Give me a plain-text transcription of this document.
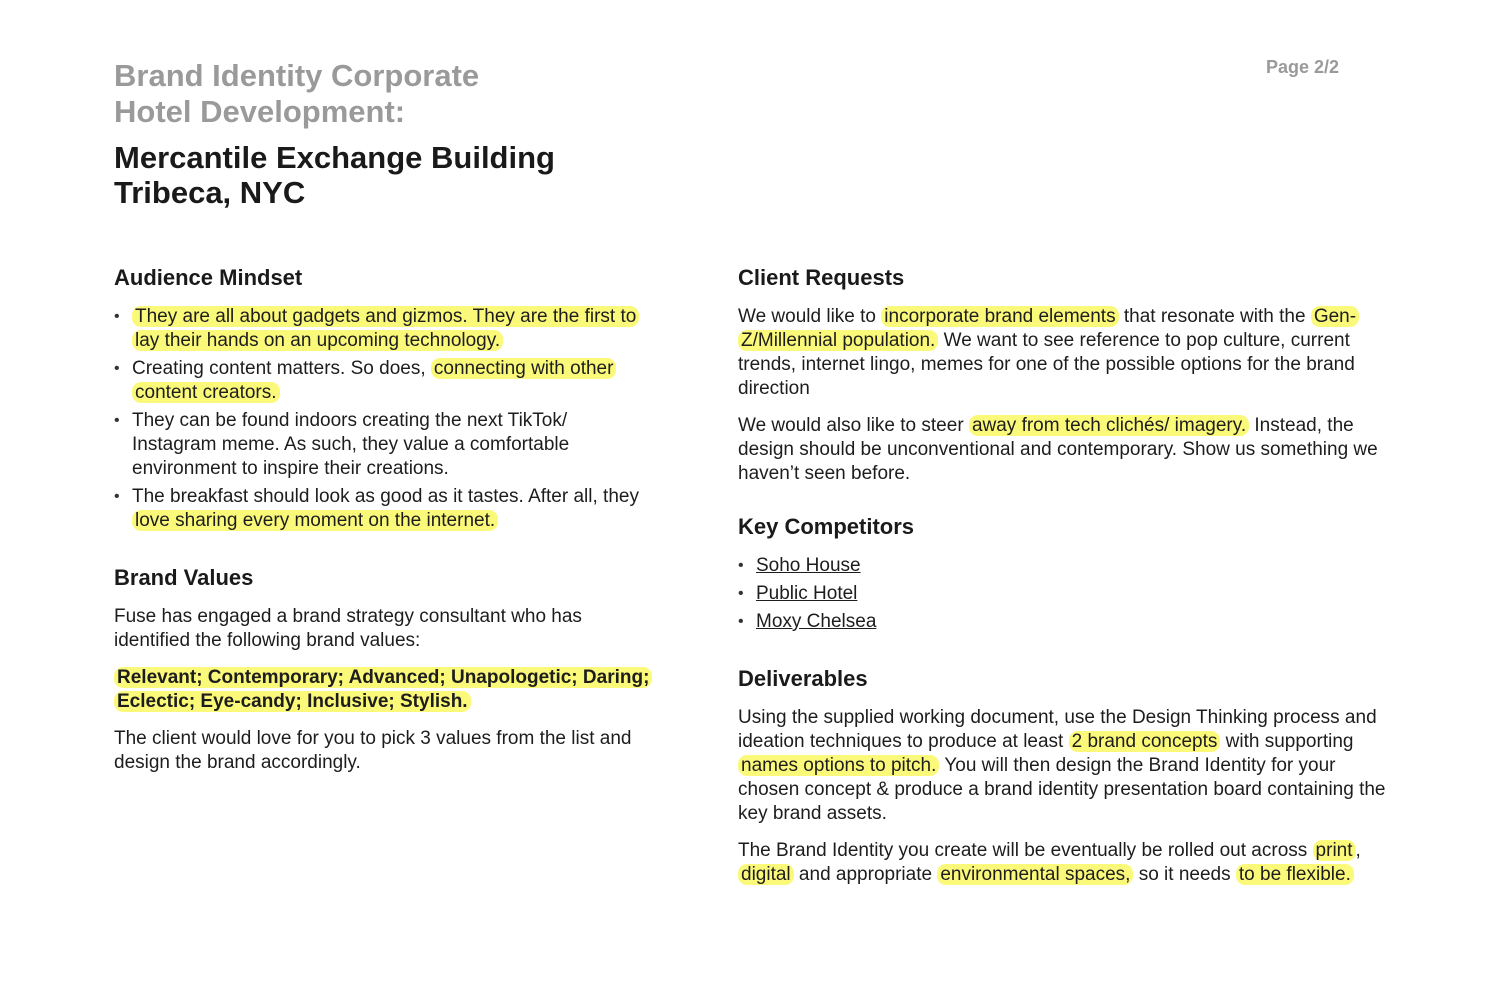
Page 2/2
Brand Identity Corporate
Hotel Development:
Mercantile Exchange Building
Tribeca, NYC
Audience Mindset
• They are all about gadgets and gizmos. They are the first to lay their hands on an upcoming technology.
• Creating content matters. So does, connecting with other content creators.
• They can be found indoors creating the next TikTok/ Instagram meme. As such, they value a comfortable environment to inspire their creations.
• The breakfast should look as good as it tastes. After all, they love sharing every moment on the internet.
Brand Values

Fuse has engaged a brand strategy consultant who has identified the following brand values:

Relevant; Contemporary; Advanced; Unapologetic; Daring; Eclectic; Eye-candy; Inclusive; Stylish.

The client would love for you to pick 3 values from the list and design the brand accordingly.

Client Requests

We would like to incorporate brand elements that resonate with the Gen-Z/Millennial population. We want to see reference to pop culture, current trends, internet lingo, memes for one of the possible options for the brand direction

We would also like to steer away from tech clichés/ imagery. Instead, the design should be unconventional and contemporary. Show us something we haven’t seen before.

Key Competitors
• Soho House
• Public Hotel
• Moxy Chelsea
Deliverables

Using the supplied working document, use the Design Thinking process and ideation techniques to produce at least 2 brand concepts with supporting names options to pitch. You will then design the Brand Identity for your chosen concept & produce a brand identity presentation board containing the key brand assets.

The Brand Identity you create will be eventually be rolled out across print , digital and appropriate environmental spaces, so it needs to be flexible.
